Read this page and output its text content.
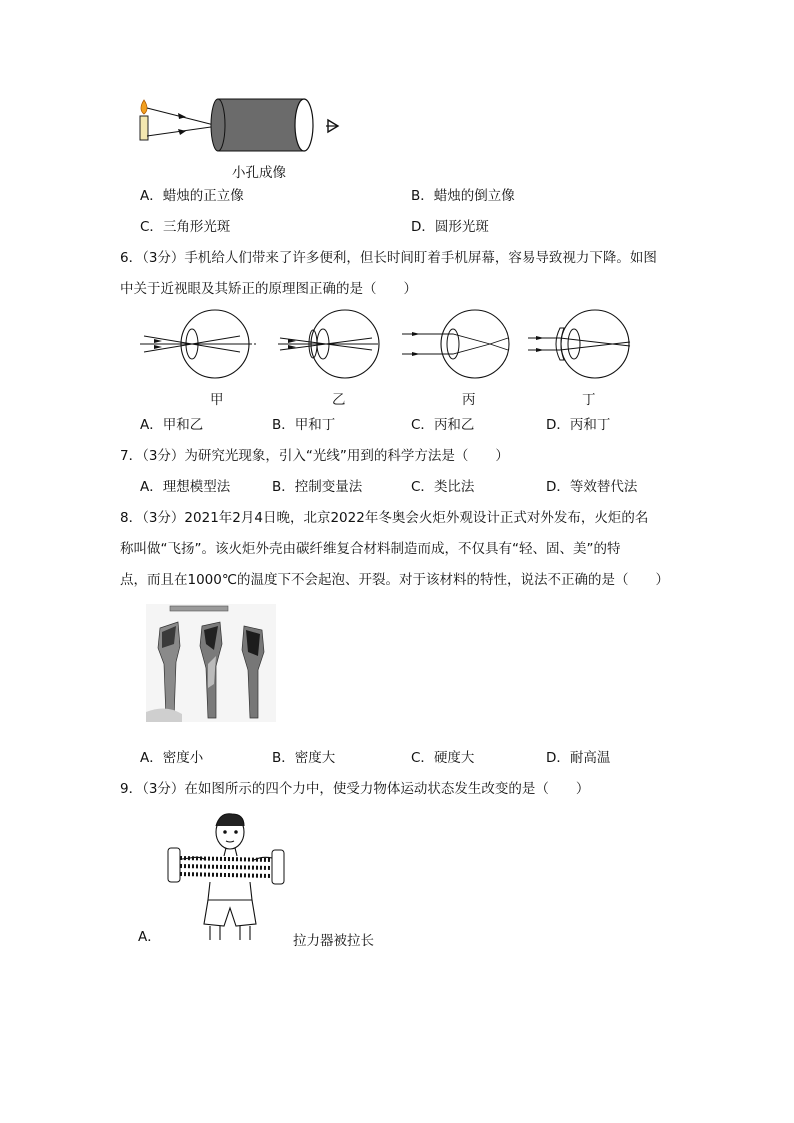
小孔成像
A．蜡烛的正立像	B．蜡烛的倒立像
C．三角形光斑	D．圆形光斑
6．（3分）手机给人们带来了许多便利，但长时间盯着手机屏幕，容易导致视力下降。如图
中关于近视眼及其矫正的原理图正确的是（　　）
甲	乙	丙	丁
A．甲和乙	B．甲和丁	C．丙和乙	D．丙和丁
7．（3分）为研究光现象，引入“光线”用到的科学方法是（　　）
A．理想模型法	B．控制变量法	C．类比法	D．等效替代法
8．（3分）2021年2月4日晚，北京2022年冬奥会火炬外观设计正式对外发布，火炬的名
称叫做“飞扬”。该火炬外壳由碳纤维复合材料制造而成，不仅具有“轻、固、美”的特
点，而且在1000℃的温度下不会起泡、开裂。对于该材料的特性，说法不正确的是（　　）
A．密度小	B．密度大	C．硬度大	D．耐高温
9．（3分）在如图所示的四个力中，使受力物体运动状态发生改变的是（　　）
A．	拉力器被拉长
